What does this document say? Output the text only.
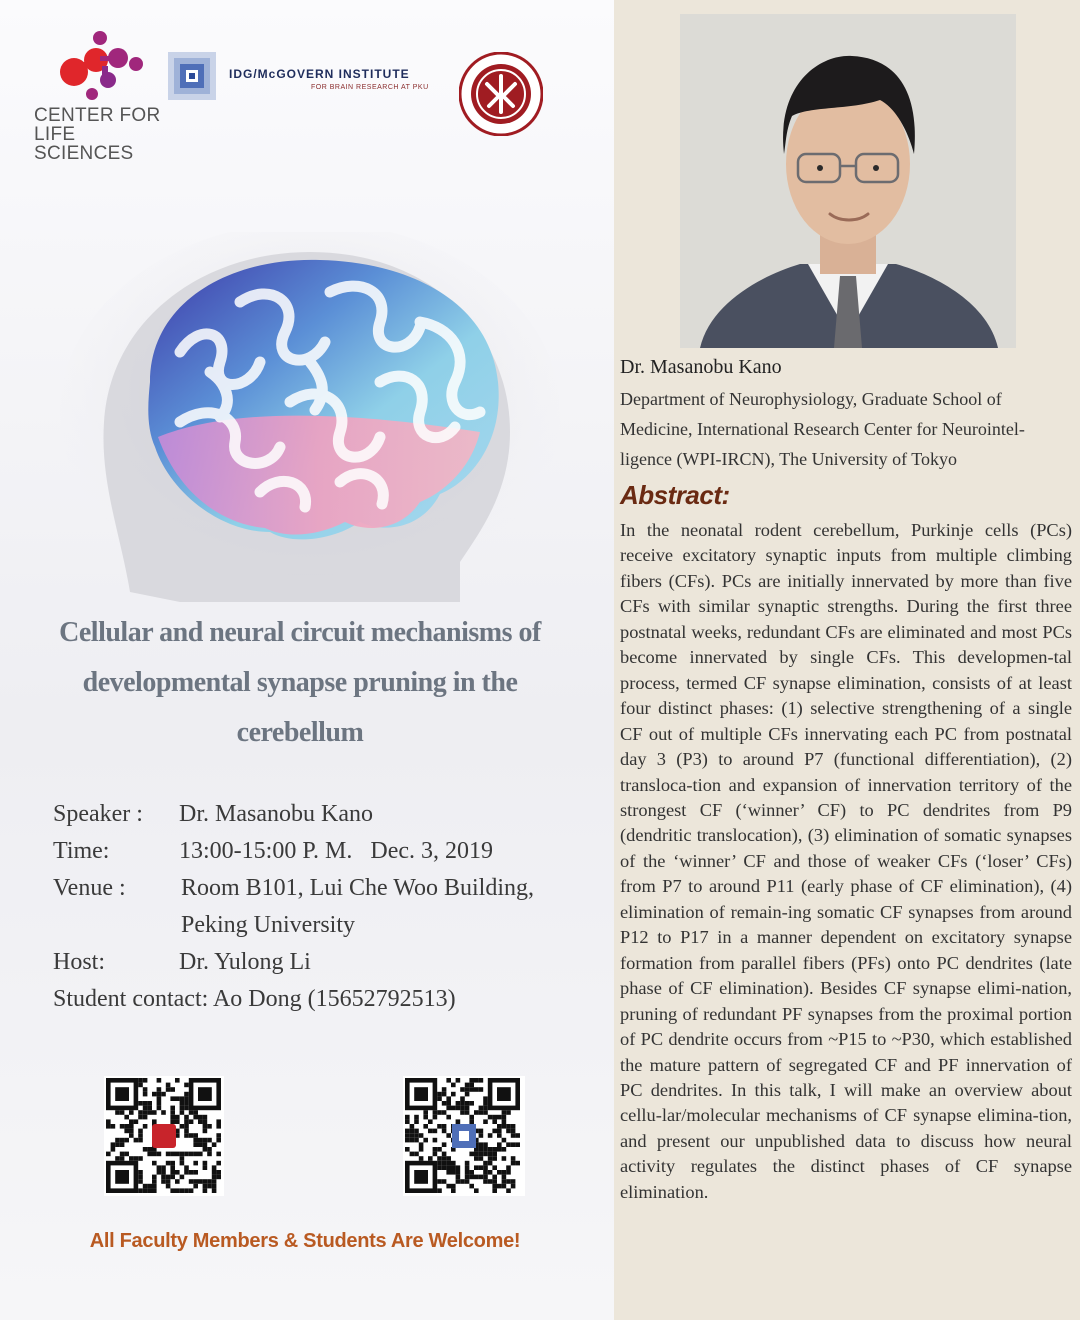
CENTER FOR
LIFE SCIENCES
IDG/McGOVERN INSTITUTE
FOR BRAIN RESEARCH AT PKU
Cellular and neural circuit mechanisms of developmental synapse pruning in the cerebellum
Speaker : Dr. Masanobu Kano
Time:	13:00-15:00 P. M.   Dec. 3, 2019
Venue : Room B101, Lui Che Woo Building,
Peking University
Host:	Dr. Yulong Li
Student contact: Ao Dong (15652792513)
All Faculty Members & Students Are Welcome!
Dr. Masanobu Kano
Department of Neurophysiology, Graduate School of Medicine, International Research Center for Neurointel-ligence (WPI-IRCN), The University of Tokyo
Abstract:
In the neonatal rodent cerebellum, Purkinje cells (PCs) receive excitatory synaptic inputs from multiple climbing fibers (CFs). PCs are initially innervated by more than five CFs with similar synaptic strengths. During the first three postnatal weeks, redundant CFs are eliminated and most PCs become innervated by single CFs. This developmen-tal process, termed CF synapse elimination, consists of at least four distinct phases: (1) selective strengthening of a single CF out of multiple CFs innervating each PC from postnatal day 3 (P3) to around P7 (functional differentiation), (2) transloca-tion and expansion of innervation territory of the strongest CF (‘winner’ CF) to PC dendrites from P9 (dendritic translocation), (3) elimination of somatic synapses of the ‘winner’ CF and those of weaker CFs (‘loser’ CFs) from P7 to around P11 (early phase of CF elimination), (4) elimination of remain-ing somatic CF synapses from around P12 to P17 in a manner dependent on excitatory synapse formation from parallel fibers (PFs) onto PC dendrites (late phase of CF elimination). Besides CF synapse elimi-nation, pruning of redundant PF synapses from the proximal portion of PC dendrite occurs from ~P15 to ~P30, which established the mature pattern of segregated CF and PF innervation of PC dendrites. In this talk, I will make an overview about cellu-lar/molecular mechanisms of CF synapse elimina-tion, and present our unpublished data to discuss how neural activity regulates the distinct phases of CF synapse elimination.
